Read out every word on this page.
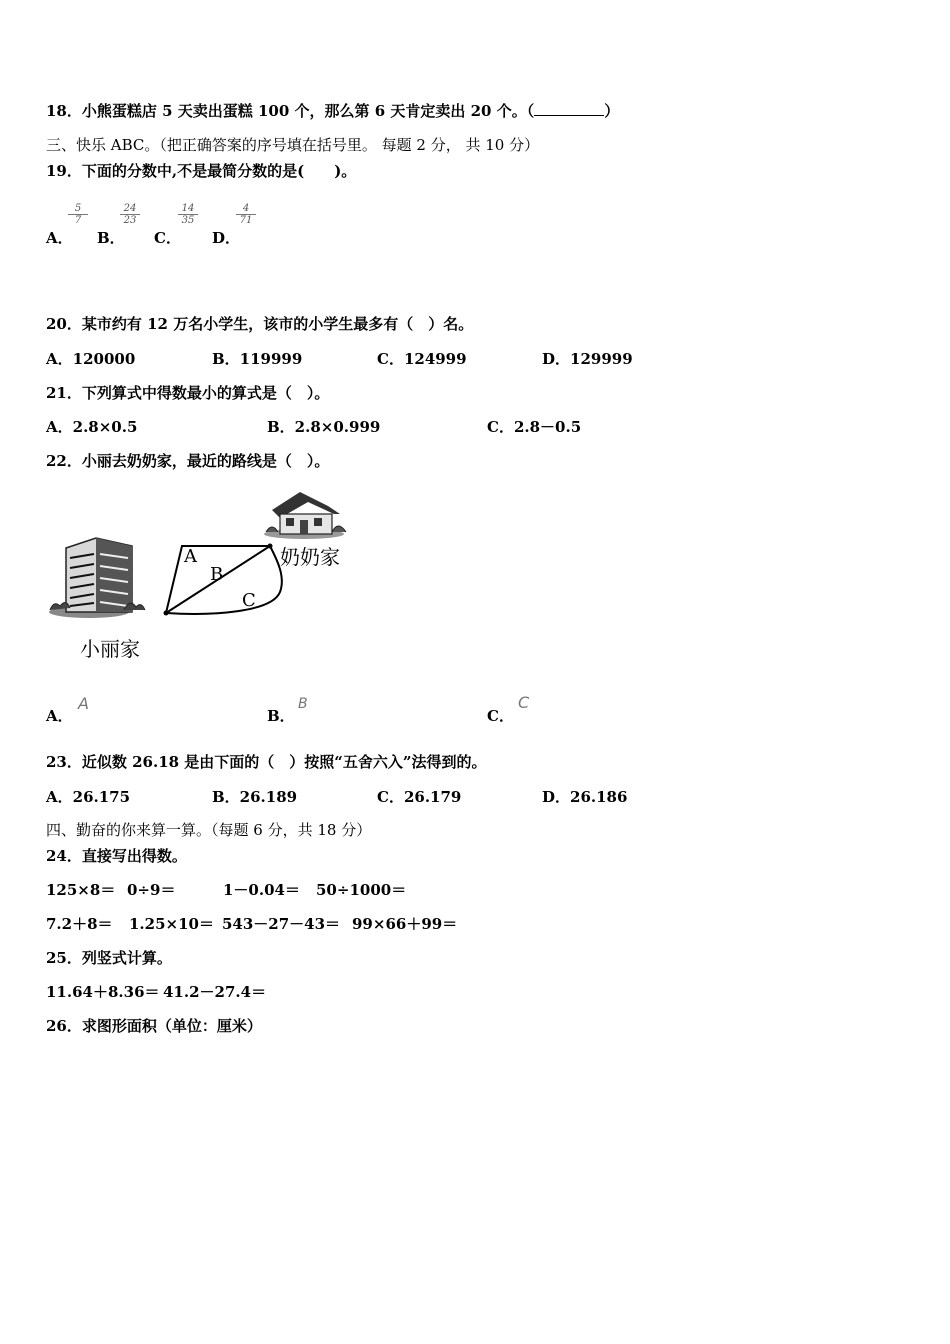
18．小熊蛋糕店 5 天卖出蛋糕 100 个，那么第 6 天肯定卖出 20 个。（	）
三、快乐 ABC。（把正确答案的序号填在括号里。 每题 2 分， 共 10 分）
19．下面的分数中,不是最简分数的是(　　)。
A．
$\frac{5}{7}$
B．
$\frac{24}{23}$
C．
$\frac{14}{35}$
D．
$\frac{4}{71}$
20．某市约有 12 万名小学生，该市的小学生最多有（　）名。
A．120000	B．119999	C．124999	D．129999
21．下列算式中得数最小的算式是（　）。
A．2.8×0.5	B．2.8×0.999	C．2.8－0.5
22．小丽去奶奶家，最近的路线是（　）。
A
B
C
小丽家
奶奶家
A．
A
B．
B
C．
C
23．近似数 26.18 是由下面的（　）按照“五舍六入”法得到的。
A．26.175	B．26.189	C．26.179	D．26.186
四、勤奋的你来算一算。（每题 6 分，共 18 分）
24．直接写出得数。
125×8＝ 0÷9＝	1－0.04＝ 50÷1000＝
7.2＋8＝ 1.25×10＝ 543－27－43＝ 99×66＋99＝
25．列竖式计算。
11.64＋8.36＝ 41.2－27.4＝
26．求图形面积（单位：厘米）
